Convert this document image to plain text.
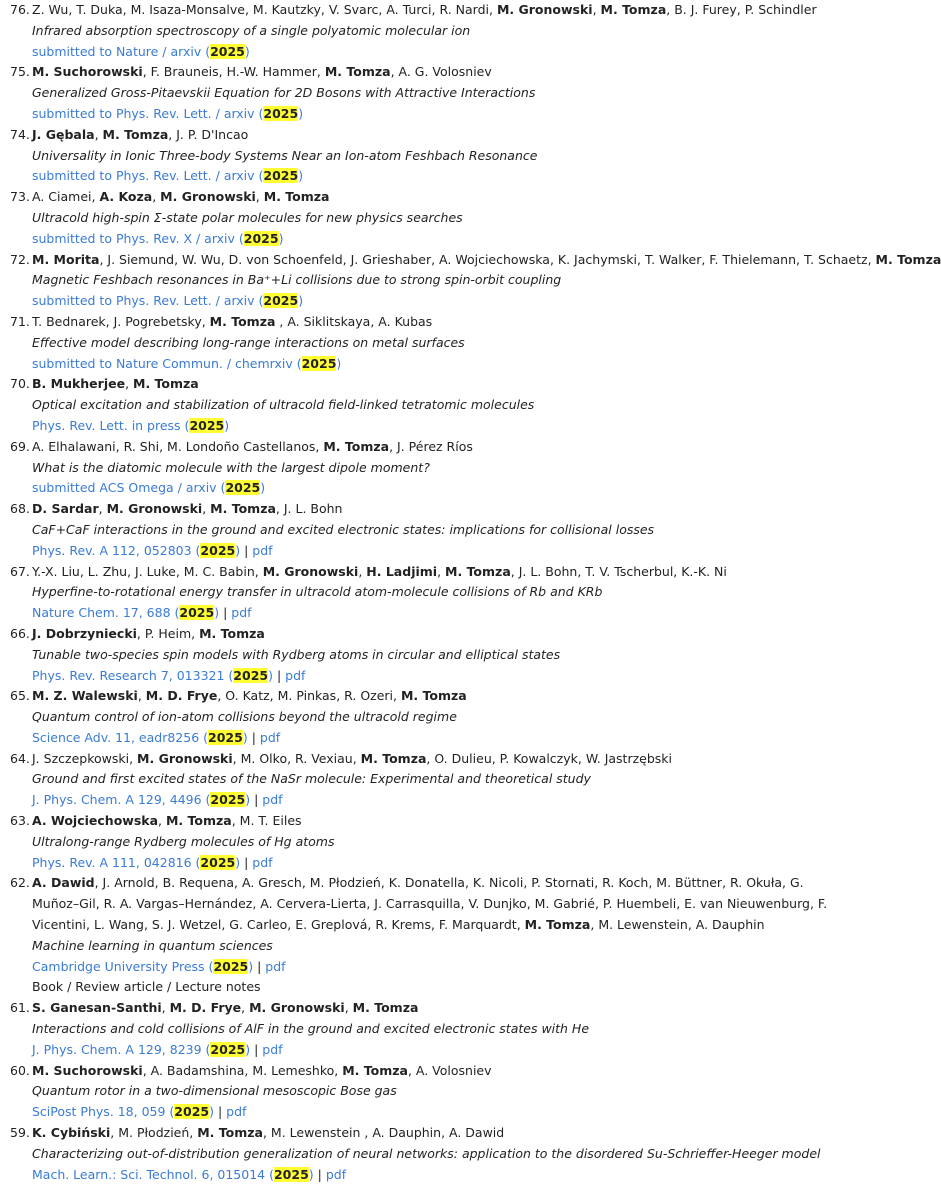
76. Z. Wu, T. Duka, M. Isaza-Monsalve, M. Kautzky, V. Svarc, A. Turci, R. Nardi, M. Gronowski, M. Tomza, B. J. Furey, P. Schindler
Infrared absorption spectroscopy of a single polyatomic molecular ion
submitted to Nature / arxiv (2025)
75. M. Suchorowski, F. Brauneis, H.-W. Hammer, M. Tomza, A. G. Volosniev
Generalized Gross-Pitaevskii Equation for 2D Bosons with Attractive Interactions
submitted to Phys. Rev. Lett. / arxiv (2025)
74. J. Gębala, M. Tomza, J. P. D'Incao
Universality in Ionic Three-body Systems Near an Ion-atom Feshbach Resonance
submitted to Phys. Rev. Lett. / arxiv (2025)
73. A. Ciamei, A. Koza, M. Gronowski, M. Tomza
Ultracold high-spin Σ-state polar molecules for new physics searches
submitted to Phys. Rev. X / arxiv (2025)
72. M. Morita, J. Siemund, W. Wu, D. von Schoenfeld, J. Grieshaber, A. Wojciechowska, K. Jachymski, T. Walker, F. Thielemann, T. Schaetz, M. Tomza
Magnetic Feshbach resonances in Ba⁺+Li collisions due to strong spin-orbit coupling
submitted to Phys. Rev. Lett. / arxiv (2025)
71. T. Bednarek, J. Pogrebetsky, M. Tomza , A. Siklitskaya, A. Kubas
Effective model describing long-range interactions on metal surfaces
submitted to Nature Commun. / chemrxiv (2025)
70. B. Mukherjee, M. Tomza
Optical excitation and stabilization of ultracold field-linked tetratomic molecules
Phys. Rev. Lett. in press (2025)
69. A. Elhalawani, R. Shi, M. Londoño Castellanos, M. Tomza, J. Pérez Ríos
What is the diatomic molecule with the largest dipole moment?
submitted ACS Omega / arxiv (2025)
68. D. Sardar, M. Gronowski, M. Tomza, J. L. Bohn
CaF+CaF interactions in the ground and excited electronic states: implications for collisional losses
Phys. Rev. A 112, 052803 (2025) | pdf
67. Y.-X. Liu, L. Zhu, J. Luke, M. C. Babin, M. Gronowski, H. Ladjimi, M. Tomza, J. L. Bohn, T. V. Tscherbul, K.-K. Ni
Hyperfine-to-rotational energy transfer in ultracold atom-molecule collisions of Rb and KRb
Nature Chem. 17, 688 (2025) | pdf
66. J. Dobrzyniecki, P. Heim, M. Tomza
Tunable two-species spin models with Rydberg atoms in circular and elliptical states
Phys. Rev. Research 7, 013321 (2025) | pdf
65. M. Z. Walewski, M. D. Frye, O. Katz, M. Pinkas, R. Ozeri, M. Tomza
Quantum control of ion-atom collisions beyond the ultracold regime
Science Adv. 11, eadr8256 (2025) | pdf
64. J. Szczepkowski, M. Gronowski, M. Olko, R. Vexiau, M. Tomza, O. Dulieu, P. Kowalczyk, W. Jastrzębski
Ground and first excited states of the NaSr molecule: Experimental and theoretical study
J. Phys. Chem. A 129, 4496 (2025) | pdf
63. A. Wojciechowska, M. Tomza, M. T. Eiles
Ultralong-range Rydberg molecules of Hg atoms
Phys. Rev. A 111, 042816 (2025) | pdf
62. A. Dawid, J. Arnold, B. Requena, A. Gresch, M. Płodzień, K. Donatella, K. Nicoli, P. Stornati, R. Koch, M. Büttner, R. Okuła, G. Muñoz–Gil, R. A. Vargas–Hernández, A. Cervera-Lierta, J. Carrasquilla, V. Dunjko, M. Gabrié, P. Huembeli, E. van Nieuwenburg, F. Vicentini, L. Wang, S. J. Wetzel, G. Carleo, E. Greplová, R. Krems, F. Marquardt, M. Tomza, M. Lewenstein, A. Dauphin
Machine learning in quantum sciences
Cambridge University Press (2025) | pdf
Book / Review article / Lecture notes
61. S. Ganesan-Santhi, M. D. Frye, M. Gronowski, M. Tomza
Interactions and cold collisions of AlF in the ground and excited electronic states with He
J. Phys. Chem. A 129, 8239 (2025) | pdf
60. M. Suchorowski, A. Badamshina, M. Lemeshko, M. Tomza, A. Volosniev
Quantum rotor in a two-dimensional mesoscopic Bose gas
SciPost Phys. 18, 059 (2025) | pdf
59. K. Cybiński, M. Płodzień, M. Tomza, M. Lewenstein , A. Dauphin, A. Dawid
Characterizing out-of-distribution generalization of neural networks: application to the disordered Su-Schrieffer-Heeger model
Mach. Learn.: Sci. Technol. 6, 015014 (2025) | pdf
